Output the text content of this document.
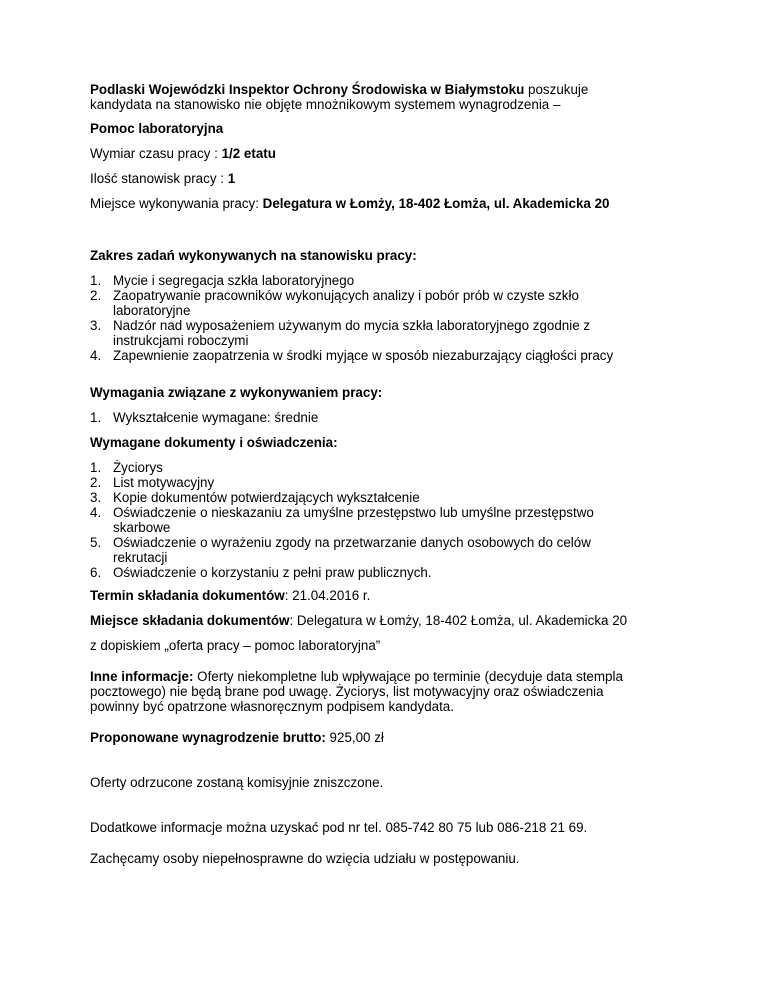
Podlaski Wojewódzki Inspektor Ochrony Środowiska w Białymstoku poszukuje
kandydata na stanowisko nie objęte mnożnikowym systemem wynagrodzenia –

Pomoc laboratoryjna

Wymiar czasu pracy : 1/2 etatu

Ilość stanowisk pracy : 1

Miejsce wykonywania pracy: Delegatura w Łomży, 18-402 Łomża, ul. Akademicka 20

Zakres zadań wykonywanych na stanowisku pracy:

1. Mycie i segregacja szkła laboratoryjnego
2. Zaopatrywanie pracowników wykonujących analizy i pobór prób w czyste szkło
laboratoryjne
3. Nadzór nad wyposażeniem używanym do mycia szkła laboratoryjnego zgodnie z
instrukcjami roboczymi
4. Zapewnienie zaopatrzenia w środki myjące w sposób niezaburzający ciągłości pracy

Wymagania związane z wykonywaniem pracy:

1. Wykształcenie wymagane: średnie

Wymagane dokumenty i oświadczenia:

1. Życiorys
2. List motywacyjny
3. Kopie dokumentów potwierdzających wykształcenie
4. Oświadczenie o nieskazaniu za umyślne przestępstwo lub umyślne przestępstwo
skarbowe
5. Oświadczenie o wyrażeniu zgody na przetwarzanie danych osobowych do celów
rekrutacji
6. Oświadczenie o korzystaniu z pełni praw publicznych.

Termin składania dokumentów: 21.04.2016 r.

Miejsce składania dokumentów: Delegatura w Łomży, 18-402 Łomża, ul. Akademicka 20

z dopiskiem „oferta pracy – pomoc laboratoryjna”

Inne informacje: Oferty niekompletne lub wpływające po terminie (decyduje data stempla
pocztowego) nie będą brane pod uwagę. Życiorys, list motywacyjny oraz oświadczenia
powinny być opatrzone własnoręcznym podpisem kandydata.

Proponowane wynagrodzenie brutto: 925,00 zł

Oferty odrzucone zostaną komisyjnie zniszczone.

Dodatkowe informacje można uzyskać pod nr tel. 085-742 80 75 lub 086-218 21 69.

Zachęcamy osoby niepełnosprawne do wzięcia udziału w postępowaniu.
